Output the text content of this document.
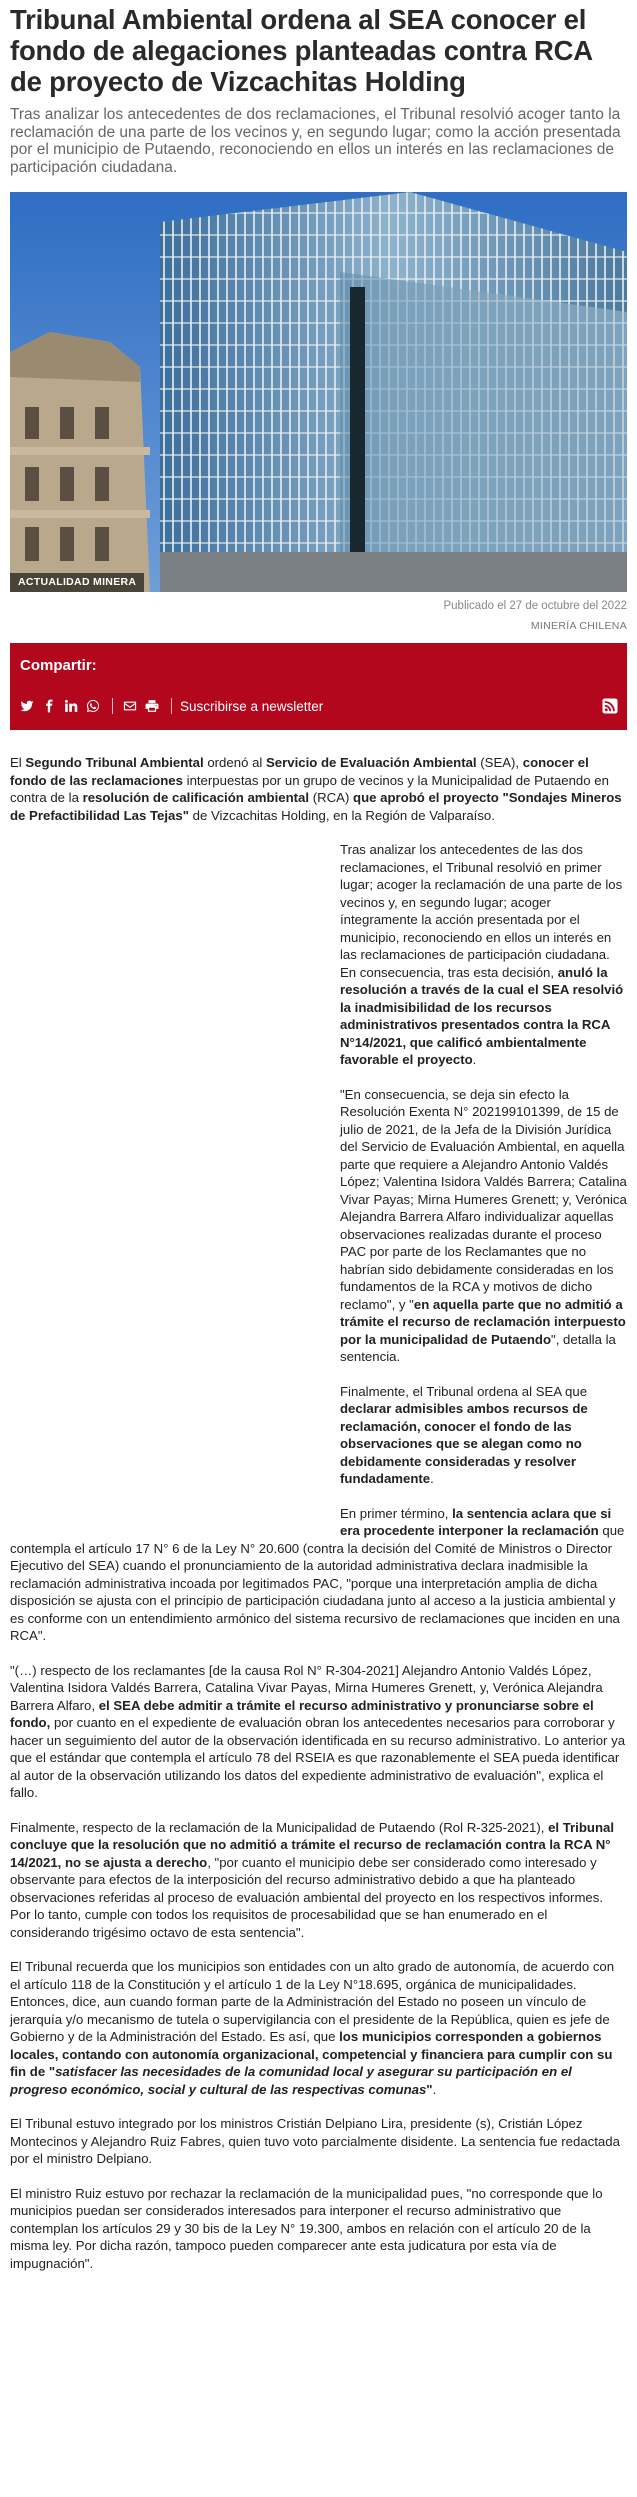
Tribunal Ambiental ordena al SEA conocer el fondo de alegaciones planteadas contra RCA de proyecto de Vizcachitas Holding

Tras analizar los antecedentes de dos reclamaciones, el Tribunal resolvió acoger tanto la reclamación de una parte de los vecinos y, en segundo lugar; como la acción presentada por el municipio de Putaendo, reconociendo en ellos un interés en las reclamaciones de participación ciudadana.

ACTUALIDAD MINERA
Publicado el 27 de octubre del 2022
MINERÍA CHILENA
Compartir:
Suscribirse a newsletter

El Segundo Tribunal Ambiental ordenó al Servicio de Evaluación Ambiental (SEA), conocer el fondo de las reclamaciones interpuestas por un grupo de vecinos y la Municipalidad de Putaendo en contra de la resolución de calificación ambiental (RCA) que aprobó el proyecto "Sondajes Mineros de Prefactibilidad Las Tejas" de Vizcachitas Holding, en la Región de Valparaíso.

Tras analizar los antecedentes de las dos reclamaciones, el Tribunal resolvió en primer lugar; acoger la reclamación de una parte de los vecinos y, en segundo lugar; acoger íntegramente la acción presentada por el municipio, reconociendo en ellos un interés en las reclamaciones de participación ciudadana. En consecuencia, tras esta decisión, anuló la resolución a través de la cual el SEA resolvió la inadmisibilidad de los recursos administrativos presentados contra la RCA N°14/2021, que calificó ambientalmente favorable el proyecto.

"En consecuencia, se deja sin efecto la Resolución Exenta N° 202199101399, de 15 de julio de 2021, de la Jefa de la División Jurídica del Servicio de Evaluación Ambiental, en aquella parte que requiere a Alejandro Antonio Valdés López; Valentina Isidora Valdés Barrera; Catalina Vivar Payas; Mirna Humeres Grenett; y, Verónica Alejandra Barrera Alfaro individualizar aquellas observaciones realizadas durante el proceso PAC por parte de los Reclamantes que no habrían sido debidamente consideradas en los fundamentos de la RCA y motivos de dicho reclamo", y "en aquella parte que no admitió a trámite el recurso de reclamación interpuesto por la municipalidad de Putaendo", detalla la sentencia.

Finalmente, el Tribunal ordena al SEA que declarar admisibles ambos recursos de reclamación, conocer el fondo de las observaciones que se alegan como no debidamente consideradas y resolver fundadamente.

En primer término, la sentencia aclara que si era procedente interponer la reclamación que contempla el artículo 17 N° 6 de la Ley N° 20.600 (contra la decisión del Comité de Ministros o Director Ejecutivo del SEA) cuando el pronunciamiento de la autoridad administrativa declara inadmisible la reclamación administrativa incoada por legitimados PAC, "porque una interpretación amplia de dicha disposición se ajusta con el principio de participación ciudadana junto al acceso a la justicia ambiental y es conforme con un entendimiento armónico del sistema recursivo de reclamaciones que inciden en una RCA".

"(…) respecto de los reclamantes [de la causa Rol N° R-304-2021] Alejandro Antonio Valdés López, Valentina Isidora Valdés Barrera, Catalina Vivar Payas, Mirna Humeres Grenett, y, Verónica Alejandra Barrera Alfaro, el SEA debe admitir a trámite el recurso administrativo y pronunciarse sobre el fondo, por cuanto en el expediente de evaluación obran los antecedentes necesarios para corroborar y hacer un seguimiento del autor de la observación identificada en su recurso administrativo. Lo anterior ya que el estándar que contempla el artículo 78 del RSEIA es que razonablemente el SEA pueda identificar al autor de la observación utilizando los datos del expediente administrativo de evaluación", explica el fallo.

Finalmente, respecto de la reclamación de la Municipalidad de Putaendo (Rol R-325-2021), el Tribunal concluye que la resolución que no admitió a trámite el recurso de reclamación contra la RCA N° 14/2021, no se ajusta a derecho, "por cuanto el municipio debe ser considerado como interesado y observante para efectos de la interposición del recurso administrativo debido a que ha planteado observaciones referidas al proceso de evaluación ambiental del proyecto en los respectivos informes. Por lo tanto, cumple con todos los requisitos de procesabilidad que se han enumerado en el considerando trigésimo octavo de esta sentencia".

El Tribunal recuerda que los municipios son entidades con un alto grado de autonomía, de acuerdo con el artículo 118 de la Constitución y el artículo 1 de la Ley N°18.695, orgánica de municipalidades. Entonces, dice, aun cuando forman parte de la Administración del Estado no poseen un vínculo de jerarquía y/o mecanismo de tutela o supervigilancia con el presidente de la República, quien es jefe de Gobierno y de la Administración del Estado. Es así, que los municipios corresponden a gobiernos locales, contando con autonomía organizacional, competencial y financiera para cumplir con su fin de "satisfacer las necesidades de la comunidad local y asegurar su participación en el progreso económico, social y cultural de las respectivas comunas".

El Tribunal estuvo integrado por los ministros Cristián Delpiano Lira, presidente (s), Cristián López Montecinos y Alejandro Ruiz Fabres, quien tuvo voto parcialmente disidente. La sentencia fue redactada por el ministro Delpiano.

El ministro Ruiz estuvo por rechazar la reclamación de la municipalidad pues, "no corresponde que lo municipios puedan ser considerados interesados para interponer el recurso administrativo que contemplan los artículos 29 y 30 bis de la Ley N° 19.300, ambos en relación con el artículo 20 de la misma ley. Por dicha razón, tampoco pueden comparecer ante esta judicatura por esta vía de impugnación".
